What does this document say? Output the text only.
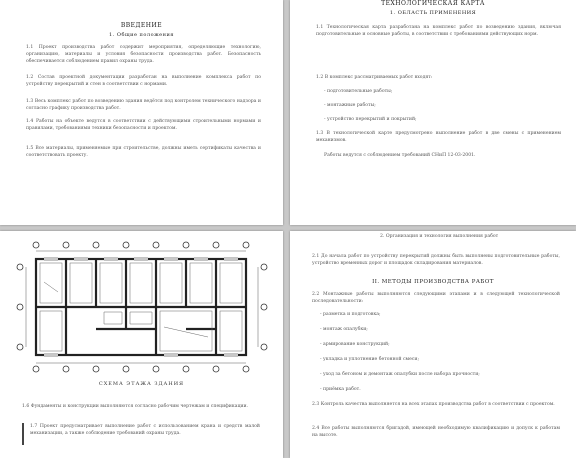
ВВЕДЕНИЕ
1. Общие положения
1.1 Проект производства работ содержит мероприятия, определяющие технологию, организацию, материалы и условия безопасности производства работ. Безопасность обеспечивается соблюдением правил охраны труда.
1.2 Состав проектной документации разработан на выполнение комплекса работ по устройству перекрытий и стен в соответствии с нормами.
1.3 Весь комплекс работ по возведению здания ведётся под контролем технического надзора и согласно графику производства работ.
1.4 Работы на объекте ведутся в соответствии с действующими строительными нормами и правилами, требованиями техники безопасности и проектом.
1.5 Все материалы, применяемые при строительстве, должны иметь сертификаты качества и соответствовать проекту.
ТЕХНОЛОГИЧЕСКАЯ КАРТА
1. ОБЛАСТЬ ПРИМЕНЕНИЯ
1.1 Технологическая карта разработана на комплекс работ по возведению здания, включая подготовительные и основные работы, в соответствии с требованиями действующих норм.
1.2 В комплекс рассматриваемых работ входят:
- подготовительные работы;
- монтажные работы;
- устройство перекрытий и покрытий;
1.3 В технологической карте предусмотрено выполнение работ в две смены с применением механизмов.
Работы ведутся с соблюдением требований СНиП 12-03-2001.
СХЕМА ЭТАЖА ЗДАНИЯ
1.6 Фундаменты и конструкции выполняются согласно рабочим чертежам и спецификации.
1.7 Проект предусматривает выполнение работ с использованием крана и средств малой механизации, а также соблюдение требований охраны труда.
2. Организация и технология выполнения работ
2.1 До начала работ по устройству перекрытий должны быть выполнены подготовительные работы, устройство временных дорог и площадок складирования материалов.
II. МЕТОДЫ ПРОИЗВОДСТВА РАБОТ
2.2 Монтажные работы выполняются следующими этапами и в следующей технологической последовательности:
- разметка и подготовка;
- монтаж опалубки;
- армирование конструкций;
- укладка и уплотнение бетонной смеси;
- уход за бетоном и демонтаж опалубки после набора прочности;
- приёмка работ.
2.3 Контроль качества выполняется на всех этапах производства работ в соответствии с проектом.
2.4 Все работы выполняются бригадой, имеющей необходимую квалификацию и допуск к работам на высоте.
